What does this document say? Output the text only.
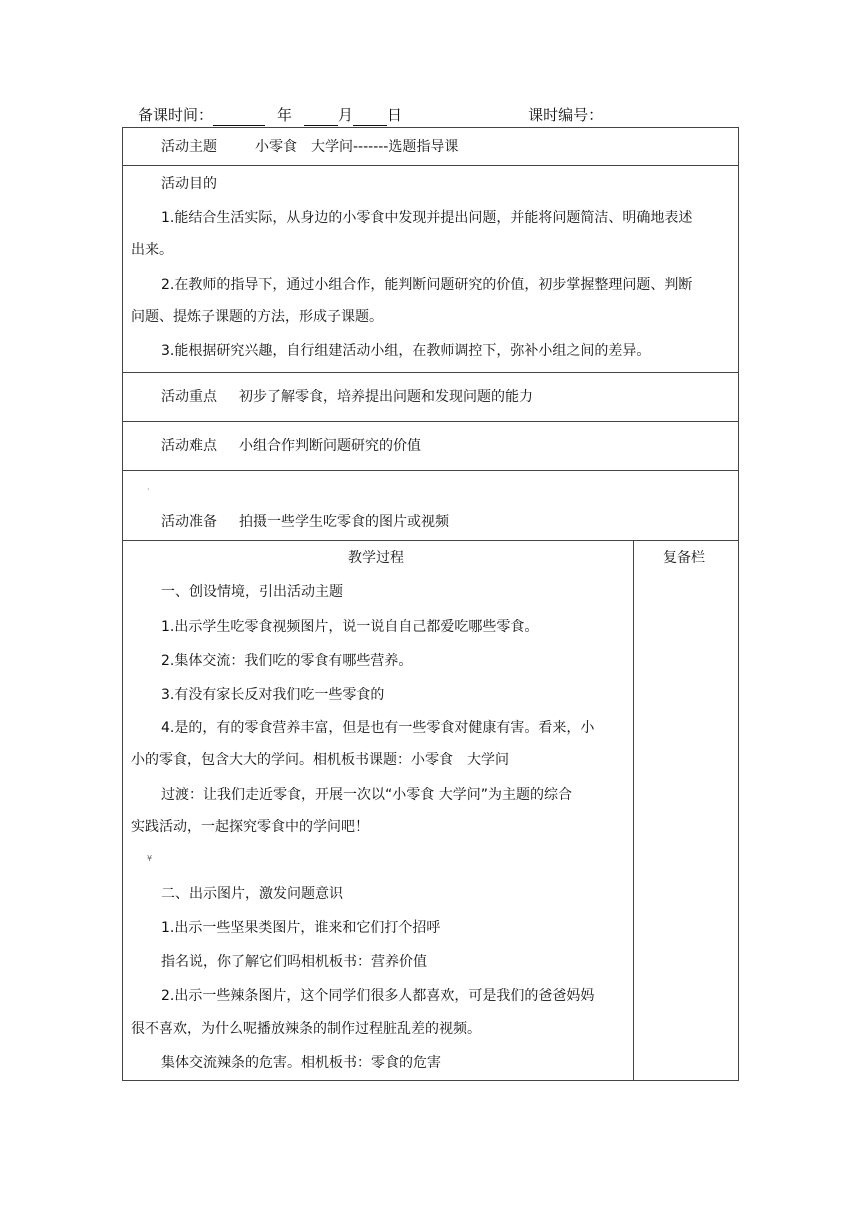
备课时间：	年	月 日	课时编号：
活动主题	小零食　大学问-------选题指导课
活动目的
1.能结合生活实际，从身边的小零食中发现并提出问题，并能将问题简洁、明确地表述
出来。
2.在教师的指导下，通过小组合作，能判断问题研究的价值，初步掌握整理问题、判断
问题、提炼子课题的方法，形成子课题。
3.能根据研究兴趣，自行组建活动小组，在教师调控下，弥补小组之间的差异。
活动重点 初步了解零食，培养提出问题和发现问题的能力
活动难点 小组合作判断问题研究的价值
·
活动准备 拍摄一些学生吃零食的图片或视频
教学过程	复备栏
一、创设情境，引出活动主题
1.出示学生吃零食视频图片，说一说自自己都爱吃哪些零食。
2.集体交流：我们吃的零食有哪些营养。
3.有没有家长反对我们吃一些零食的
4.是的，有的零食营养丰富，但是也有一些零食对健康有害。看来，小
小的零食，包含大大的学问。相机板书课题：小零食　大学问
过渡：让我们走近零食，开展一次以“小零食 大学问”为主题的综合
实践活动，一起探究零食中的学问吧！
¥
二、出示图片，激发问题意识
1.出示一些坚果类图片，谁来和它们打个招呼
指名说，你了解它们吗相机板书：营养价值
2.出示一些辣条图片，这个同学们很多人都喜欢，可是我们的爸爸妈妈
很不喜欢，为什么呢播放辣条的制作过程脏乱差的视频。
集体交流辣条的危害。相机板书：零食的危害
